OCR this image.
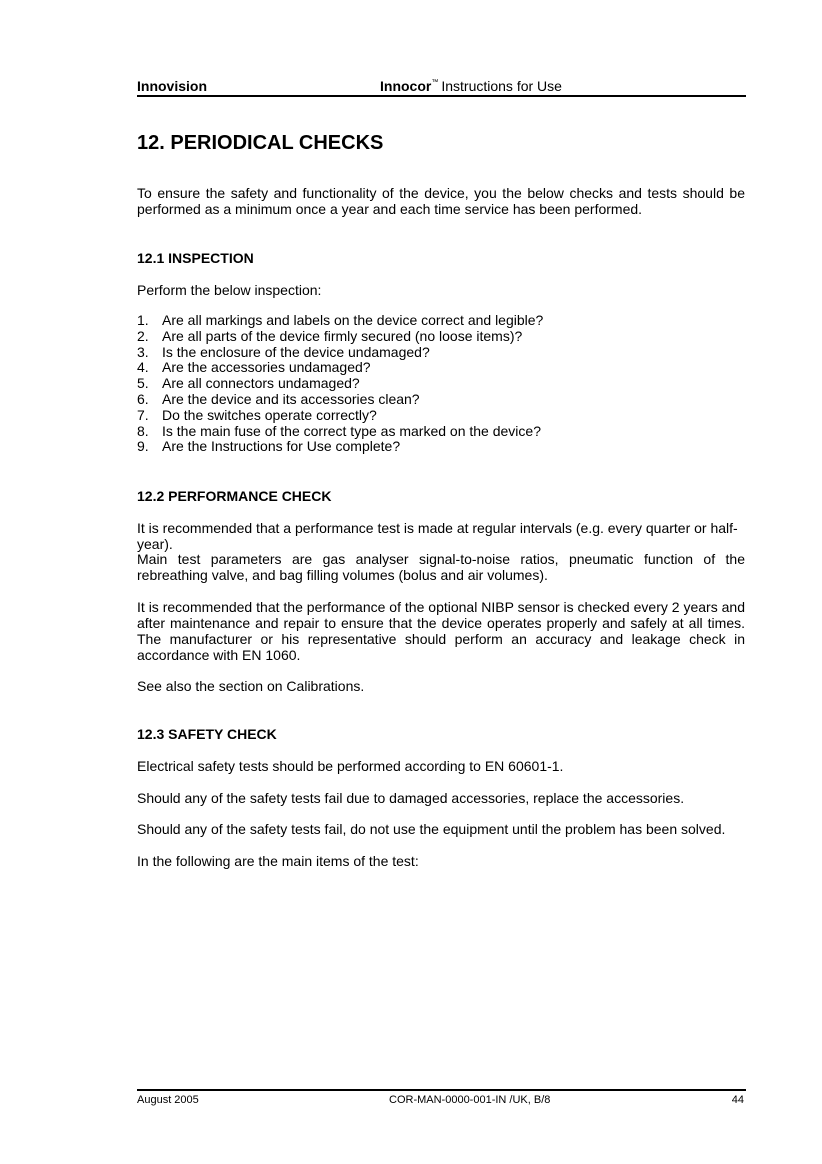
Innovision	Innocor™ Instructions for Use
12. PERIODICAL CHECKS

To ensure the safety and functionality of the device, you the below checks and tests should be performed as a minimum once a year and each time service has been performed.

12.1 INSPECTION

Perform the below inspection:

1. Are all markings and labels on the device correct and legible?
2. Are all parts of the device firmly secured (no loose items)?
3. Is the enclosure of the device undamaged?
4. Are the accessories undamaged?
5. Are all connectors undamaged?
6. Are the device and its accessories clean?
7. Do the switches operate correctly?
8. Is the main fuse of the correct type as marked on the device?
9. Are the Instructions for Use complete?
12.2 PERFORMANCE CHECK

It is recommended that a performance test is made at regular intervals (e.g. every quarter or half-year).

Main test parameters are gas analyser signal-to-noise ratios, pneumatic function of the rebreathing valve, and bag filling volumes (bolus and air volumes).

It is recommended that the performance of the optional NIBP sensor is checked every 2 years and after maintenance and repair to ensure that the device operates properly and safely at all times. The manufacturer or his representative should perform an accuracy and leakage check in accordance with EN 1060.

See also the section on Calibrations.

12.3 SAFETY CHECK

Electrical safety tests should be performed according to EN 60601-1.

Should any of the safety tests fail due to damaged accessories, replace the accessories.

Should any of the safety tests fail, do not use the equipment until the problem has been solved.

In the following are the main items of the test:

August 2005	COR-MAN-0000-001-IN /UK, B/8	44
